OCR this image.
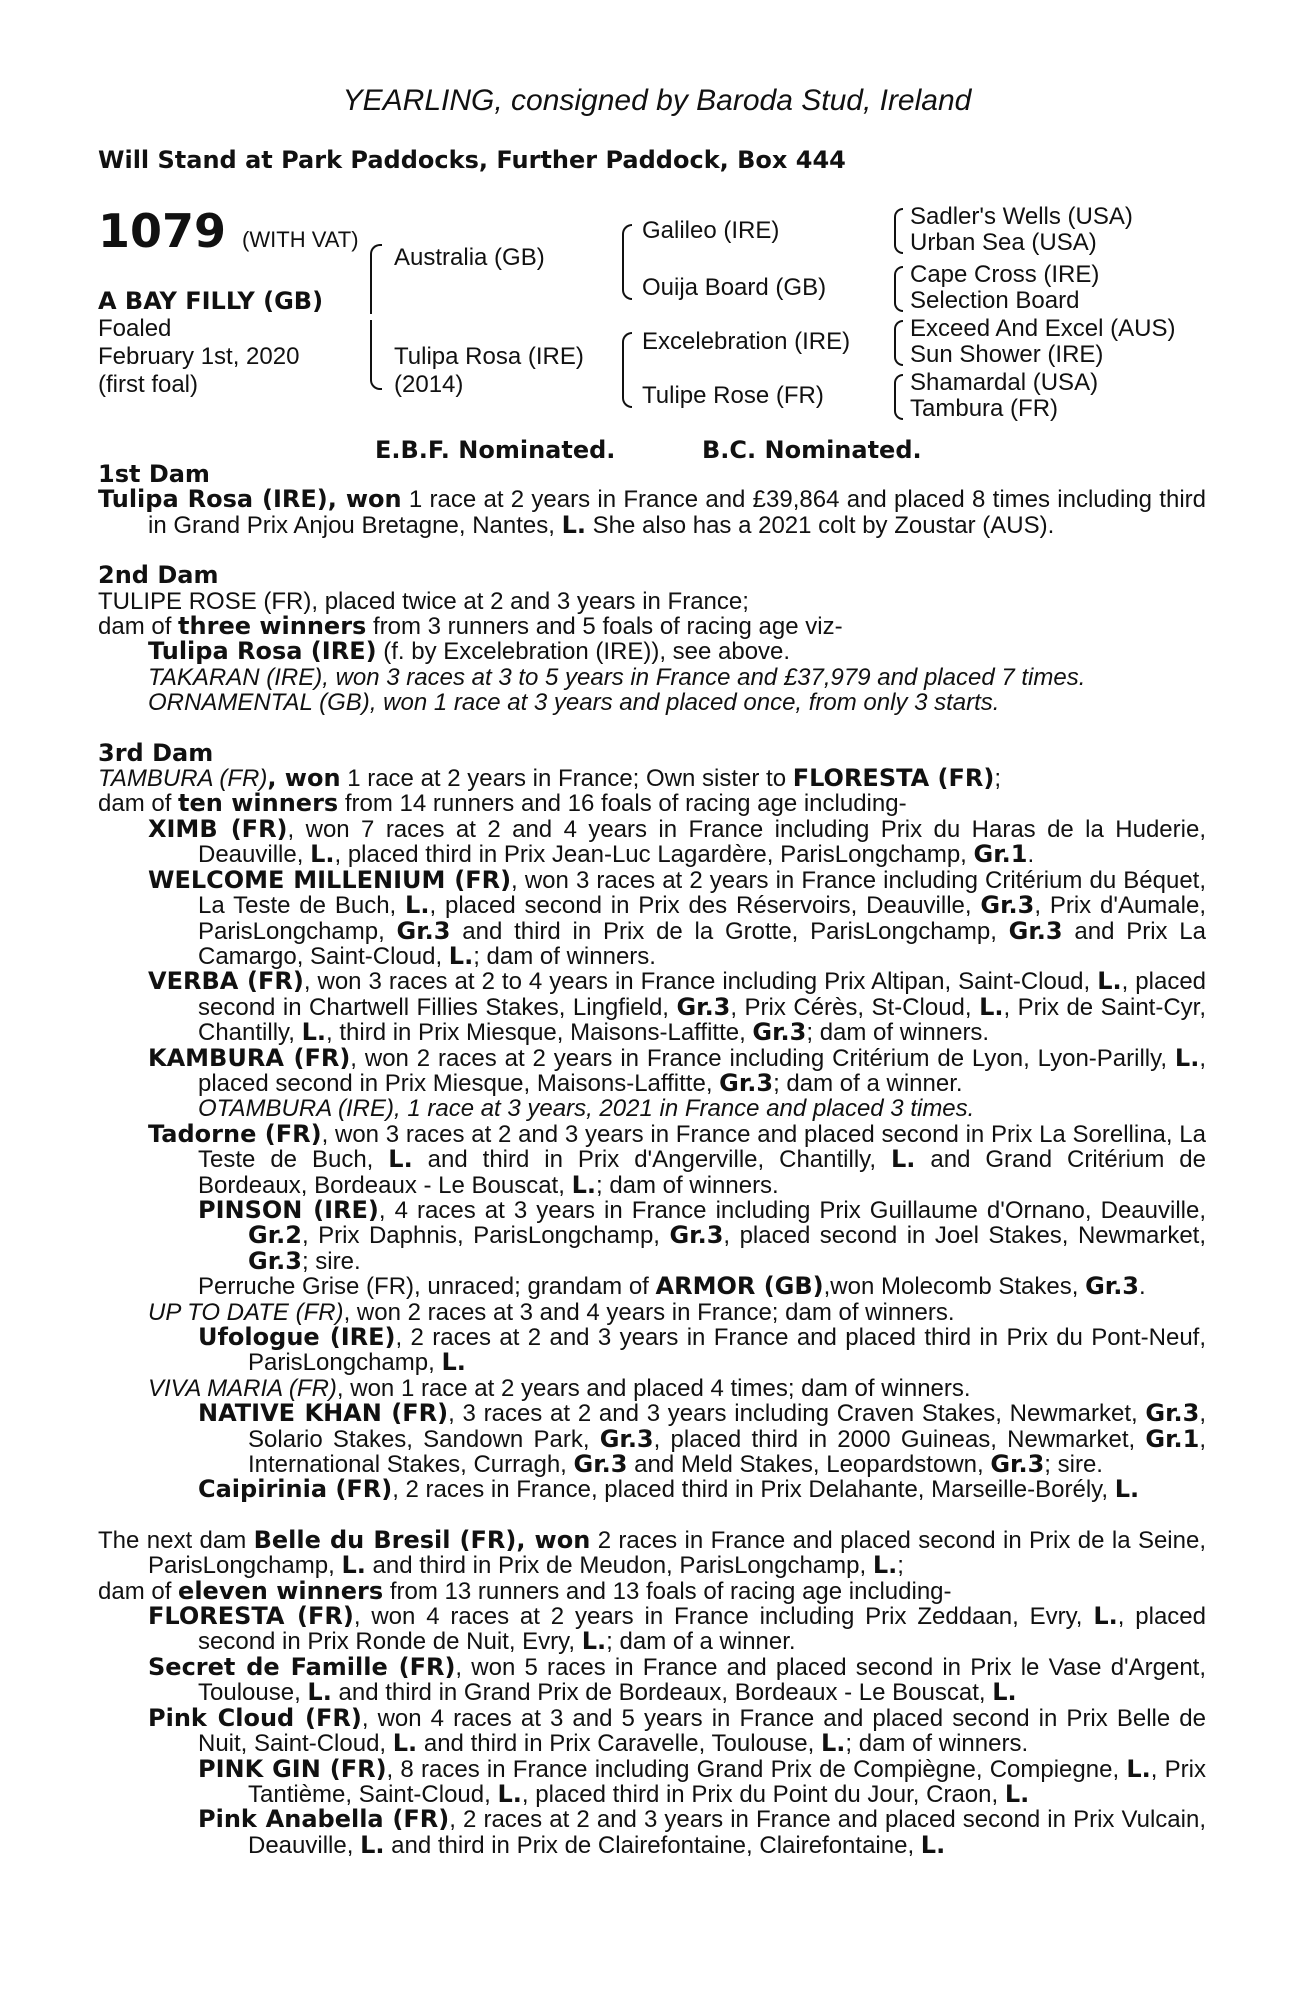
YEARLING, consigned by Baroda Stud, Ireland
Will Stand at Park Paddocks, Further Paddock, Box 444
1079 (WITH VAT)
A BAY FILLY (GB)
Foaled
February 1st, 2020
(first foal)
Australia (GB)
Tulipa Rosa (IRE)
(2014)
Galileo (IRE)
Ouija Board (GB)
Excelebration (IRE)
Tulipe Rose (FR)
Sadler's Wells (USA)
Urban Sea (USA)
Cape Cross (IRE)
Selection Board
Exceed And Excel (AUS)
Sun Shower (IRE)
Shamardal (USA)
Tambura (FR)
E.B.F. Nominated.	B.C. Nominated.

1st Dam

Tulipa Rosa (IRE), won 1 race at 2 years in France and £39,864 and placed 8 times including third in Grand Prix Anjou Bretagne, Nantes, L. She also has a 2021 colt by Zoustar (AUS).

2nd Dam

TULIPE ROSE (FR), placed twice at 2 and 3 years in France;

dam of three winners from 3 runners and 5 foals of racing age viz-

Tulipa Rosa (IRE) (f. by Excelebration (IRE)), see above.

TAKARAN (IRE), won 3 races at 3 to 5 years in France and £37,979 and placed 7 times.

ORNAMENTAL (GB), won 1 race at 3 years and placed once, from only 3 starts.

3rd Dam

TAMBURA (FR), won 1 race at 2 years in France; Own sister to FLORESTA (FR);

dam of ten winners from 14 runners and 16 foals of racing age including-

XIMB (FR), won 7 races at 2 and 4 years in France including Prix du Haras de la Huderie, Deauville, L., placed third in Prix Jean-Luc Lagardère, ParisLongchamp, Gr.1.

WELCOME MILLENIUM (FR), won 3 races at 2 years in France including Critérium du Béquet, La Teste de Buch, L., placed second in Prix des Réservoirs, Deauville, Gr.3, Prix d'Aumale, ParisLongchamp, Gr.3 and third in Prix de la Grotte, ParisLongchamp, Gr.3 and Prix La Camargo, Saint-Cloud, L.; dam of winners.

VERBA (FR), won 3 races at 2 to 4 years in France including Prix Altipan, Saint-Cloud, L., placed second in Chartwell Fillies Stakes, Lingfield, Gr.3, Prix Cérès, St-Cloud, L., Prix de Saint-Cyr, Chantilly, L., third in Prix Miesque, Maisons-Laffitte, Gr.3; dam of winners.

KAMBURA (FR), won 2 races at 2 years in France including Critérium de Lyon, Lyon-Parilly, L., placed second in Prix Miesque, Maisons-Laffitte, Gr.3; dam of a winner.

OTAMBURA (IRE), 1 race at 3 years, 2021 in France and placed 3 times.

Tadorne (FR), won 3 races at 2 and 3 years in France and placed second in Prix La Sorellina, La Teste de Buch, L. and third in Prix d'Angerville, Chantilly, L. and Grand Critérium de Bordeaux, Bordeaux - Le Bouscat, L.; dam of winners.

PINSON (IRE), 4 races at 3 years in France including Prix Guillaume d'Ornano, Deauville, Gr.2, Prix Daphnis, ParisLongchamp, Gr.3, placed second in Joel Stakes, Newmarket, Gr.3; sire.

Perruche Grise (FR), unraced; grandam of ARMOR (GB),won Molecomb Stakes, Gr.3.

UP TO DATE (FR), won 2 races at 3 and 4 years in France; dam of winners.

Ufologue (IRE), 2 races at 2 and 3 years in France and placed third in Prix du Pont-Neuf, ParisLongchamp, L.

VIVA MARIA (FR), won 1 race at 2 years and placed 4 times; dam of winners.

NATIVE KHAN (FR), 3 races at 2 and 3 years including Craven Stakes, Newmarket, Gr.3, Solario Stakes, Sandown Park, Gr.3, placed third in 2000 Guineas, Newmarket, Gr.1, International Stakes, Curragh, Gr.3 and Meld Stakes, Leopardstown, Gr.3; sire.

Caipirinia (FR), 2 races in France, placed third in Prix Delahante, Marseille-Borély, L.

The next dam Belle du Bresil (FR), won 2 races in France and placed second in Prix de la Seine, ParisLongchamp, L. and third in Prix de Meudon, ParisLongchamp, L.;

dam of eleven winners from 13 runners and 13 foals of racing age including-

FLORESTA (FR), won 4 races at 2 years in France including Prix Zeddaan, Evry, L., placed second in Prix Ronde de Nuit, Evry, L.; dam of a winner.

Secret de Famille (FR), won 5 races in France and placed second in Prix le Vase d'Argent, Toulouse, L. and third in Grand Prix de Bordeaux, Bordeaux - Le Bouscat, L.

Pink Cloud (FR), won 4 races at 3 and 5 years in France and placed second in Prix Belle de Nuit, Saint-Cloud, L. and third in Prix Caravelle, Toulouse, L.; dam of winners.

PINK GIN (FR), 8 races in France including Grand Prix de Compiègne, Compiegne, L., Prix Tantième, Saint-Cloud, L., placed third in Prix du Point du Jour, Craon, L.

Pink Anabella (FR), 2 races at 2 and 3 years in France and placed second in Prix Vulcain, Deauville, L. and third in Prix de Clairefontaine, Clairefontaine, L.
